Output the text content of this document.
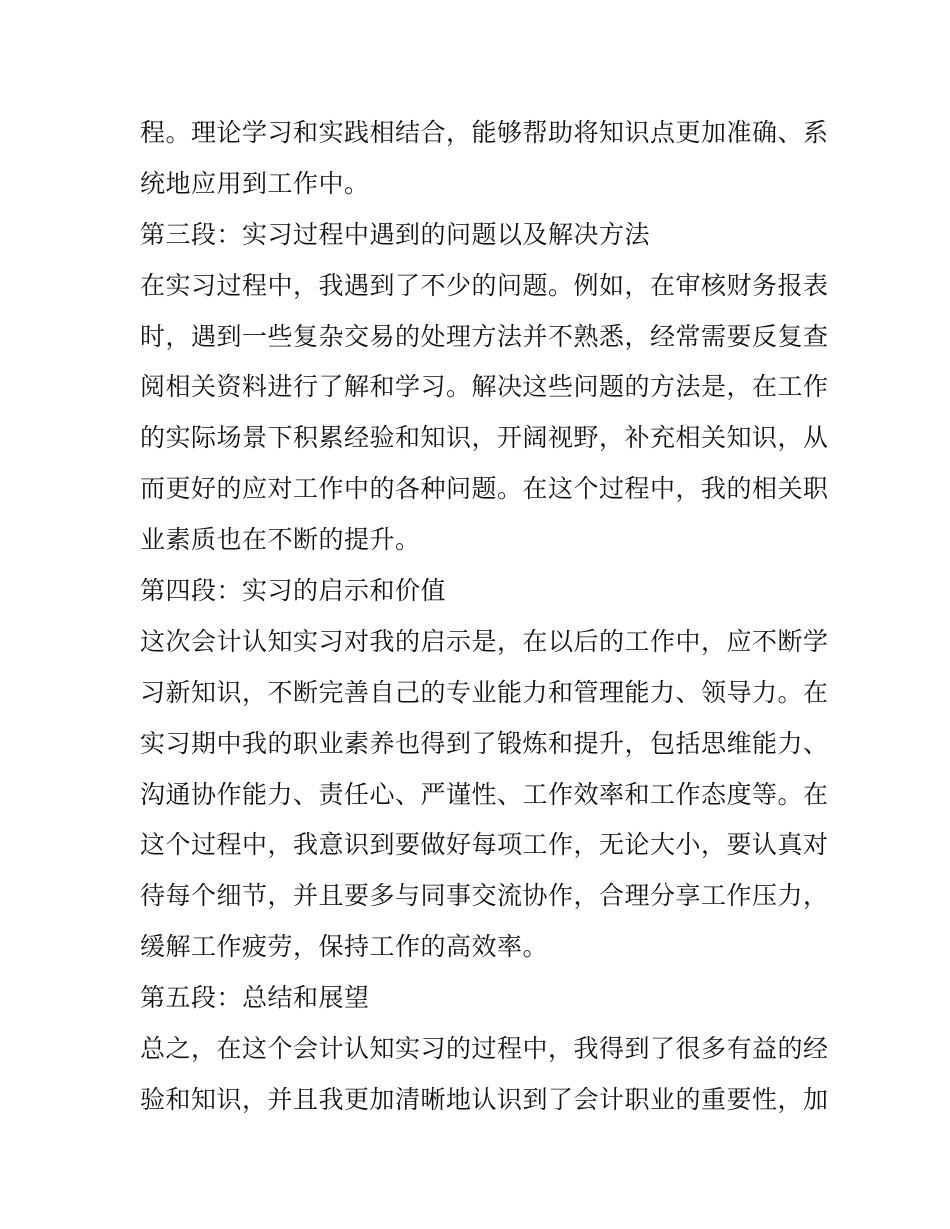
程。理论学习和实践相结合，能够帮助将知识点更加准确、系
统地应用到工作中。
第三段：实习过程中遇到的问题以及解决方法
在实习过程中，我遇到了不少的问题。例如，在审核财务报表
时，遇到一些复杂交易的处理方法并不熟悉，经常需要反复查
阅相关资料进行了解和学习。解决这些问题的方法是，在工作
的实际场景下积累经验和知识，开阔视野，补充相关知识，从
而更好的应对工作中的各种问题。在这个过程中，我的相关职
业素质也在不断的提升。
第四段：实习的启示和价值
这次会计认知实习对我的启示是，在以后的工作中，应不断学
习新知识，不断完善自己的专业能力和管理能力、领导力。在
实习期中我的职业素养也得到了锻炼和提升，包括思维能力、
沟通协作能力、责任心、严谨性、工作效率和工作态度等。在
这个过程中，我意识到要做好每项工作，无论大小，要认真对
待每个细节，并且要多与同事交流协作，合理分享工作压力，
缓解工作疲劳，保持工作的高效率。
第五段：总结和展望
总之，在这个会计认知实习的过程中，我得到了很多有益的经
验和知识，并且我更加清晰地认识到了会计职业的重要性，加
